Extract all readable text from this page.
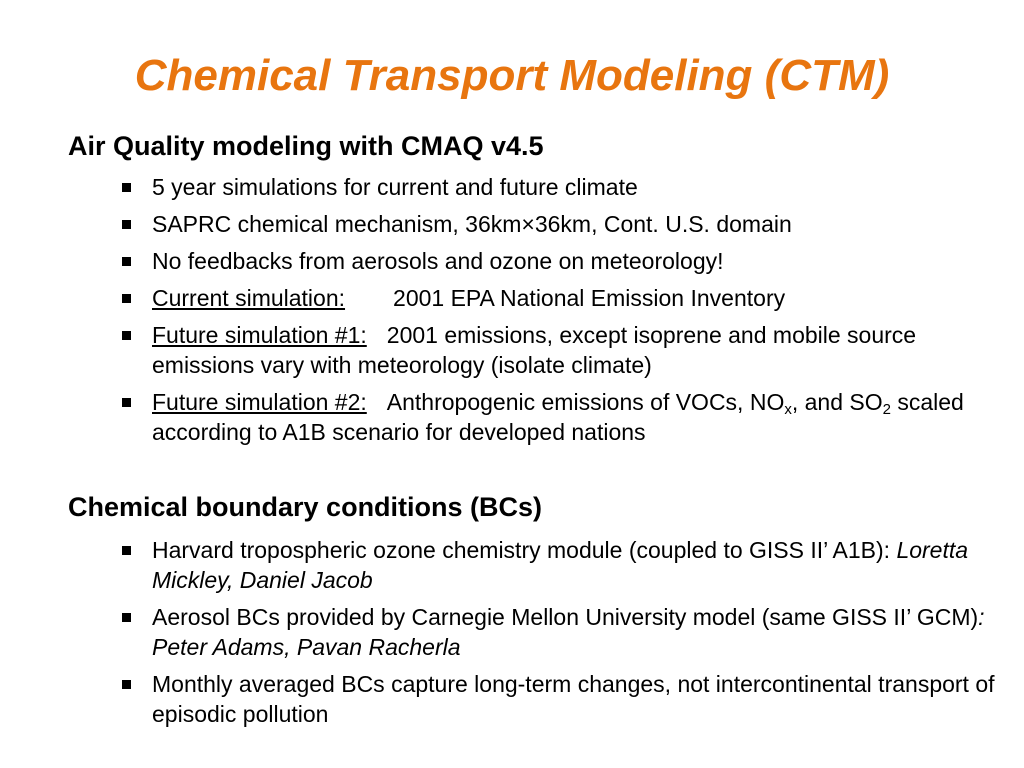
Chemical Transport Modeling (CTM)
Air Quality modeling with CMAQ v4.5
5 year simulations for current and future climate
SAPRC chemical mechanism, 36km×36km, Cont. U.S. domain
No feedbacks from aerosols and ozone on meteorology!
Current simulation: 2001 EPA National Emission Inventory
Future simulation #1: 2001 emissions, except isoprene and mobile source emissions vary with meteorology (isolate climate)
Future simulation #2: Anthropogenic emissions of VOCs, $NO_x$, and $SO_2$ scaled according to A1B scenario for developed nations
Chemical boundary conditions (BCs)
Harvard tropospheric ozone chemistry module (coupled to GISS II’ A1B): Loretta Mickley, Daniel Jacob
Aerosol BCs provided by Carnegie Mellon University model (same GISS II’ GCM): Peter Adams, Pavan Racherla
Monthly averaged BCs capture long-term changes, not intercontinental transport of episodic pollution
